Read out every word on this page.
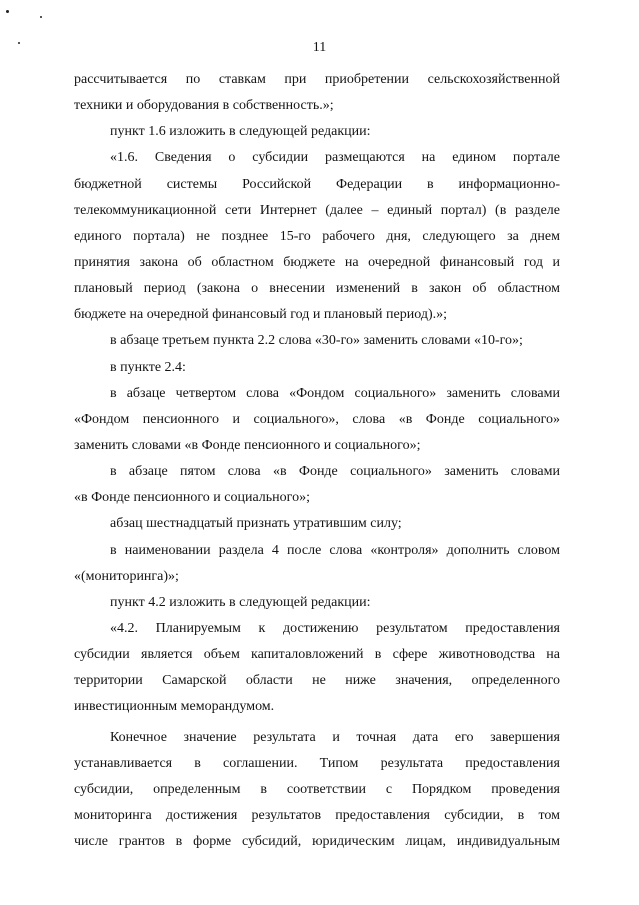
11
рассчитывается по ставкам при приобретении сельскохозяйственной
техники и оборудования в собственность.»;
пункт 1.6 изложить в следующей редакции:
«1.6. Сведения о субсидии размещаются на едином портале
бюджетной системы Российской Федерации в информационно-
телекоммуникационной сети Интернет (далее – единый портал) (в разделе
единого портала) не позднее 15-го рабочего дня, следующего за днем
принятия закона об областном бюджете на очередной финансовый год и
плановый период (закона о внесении изменений в закон об областном
бюджете на очередной финансовый год и плановый период).»;
в абзаце третьем пункта 2.2 слова «30-го» заменить словами «10-го»;
в пункте 2.4:
в абзаце четвертом слова «Фондом социального» заменить словами
«Фондом пенсионного и социального», слова «в Фонде социального»
заменить словами «в Фонде пенсионного и социального»;
в абзаце пятом слова «в Фонде социального» заменить словами
«в Фонде пенсионного и социального»;
абзац шестнадцатый признать утратившим силу;
в наименовании раздела 4 после слова «контроля» дополнить словом
«(мониторинга)»;
пункт 4.2 изложить в следующей редакции:
«4.2. Планируемым к достижению результатом предоставления
субсидии является объем капиталовложений в сфере животноводства на
территории Самарской области не ниже значения, определенного
инвестиционным меморандумом.
Конечное значение результата и точная дата его завершения
устанавливается в соглашении. Типом результата предоставления
субсидии, определенным в соответствии с Порядком проведения
мониторинга достижения результатов предоставления субсидии, в том
числе грантов в форме субсидий, юридическим лицам, индивидуальным
